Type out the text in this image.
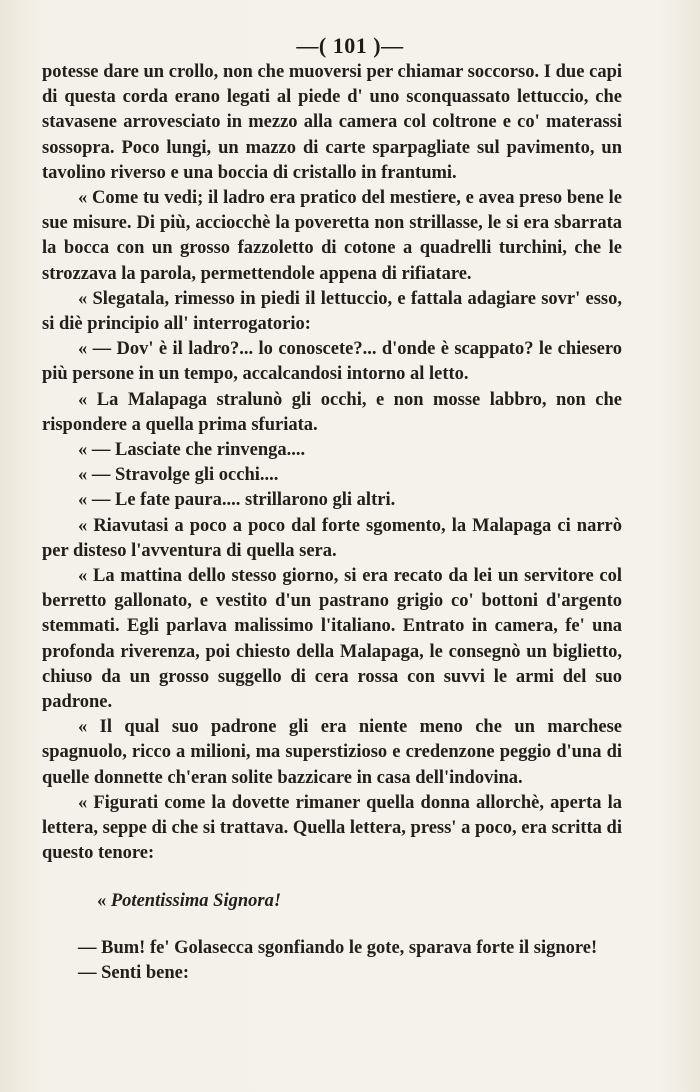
—( 101 )—

potesse dare un crollo, non che muoversi per chiamar soccorso. I due capi di questa corda erano legati al piede d' uno sconquassato lettuccio, che stavasene arrovesciato in mezzo alla camera col coltrone e co' materassi sossopra. Poco lungi, un mazzo di carte sparpagliate sul pavimento, un tavolino riverso e una boccia di cristallo in frantumi.

« Come tu vedi; il ladro era pratico del mestiere, e avea preso bene le sue misure. Di più, acciocchè la poveretta non strillasse, le si era sbarrata la bocca con un grosso fazzoletto di cotone a quadrelli turchini, che le strozzava la parola, permettendole appena di rifiatare.

« Slegatala, rimesso in piedi il lettuccio, e fattala adagiare sovr' esso, si diè principio all' interrogatorio:

« — Dov' è il ladro?... lo conoscete?... d'onde è scappato? le chiesero più persone in un tempo, accalcandosi intorno al letto.

« La Malapaga stralunò gli occhi, e non mosse labbro, non che rispondere a quella prima sfuriata.

« — Lasciate che rinvenga....

« — Stravolge gli occhi....

« — Le fate paura.... strillarono gli altri.

« Riavutasi a poco a poco dal forte sgomento, la Malapaga ci narrò per disteso l'avventura di quella sera.

« La mattina dello stesso giorno, si era recato da lei un servitore col berretto gallonato, e vestito d'un pastrano grigio co' bottoni d'argento stemmati. Egli parlava malissimo l'italiano. Entrato in camera, fe' una profonda riverenza, poi chiesto della Malapaga, le consegnò un biglietto, chiuso da un grosso suggello di cera rossa con suvvi le armi del suo padrone.

« Il qual suo padrone gli era niente meno che un marchese spagnuolo, ricco a milioni, ma superstizioso e credenzone peggio d'una di quelle donnette ch'eran solite bazzicare in casa dell'indovina.

« Figurati come la dovette rimaner quella donna allorchè, aperta la lettera, seppe di che si trattava. Quella lettera, press' a poco, era scritta di questo tenore:

« Potentissima Signora!

— Bum! fe' Golasecca sgonfiando le gote, sparava forte il signore!

— Senti bene:
